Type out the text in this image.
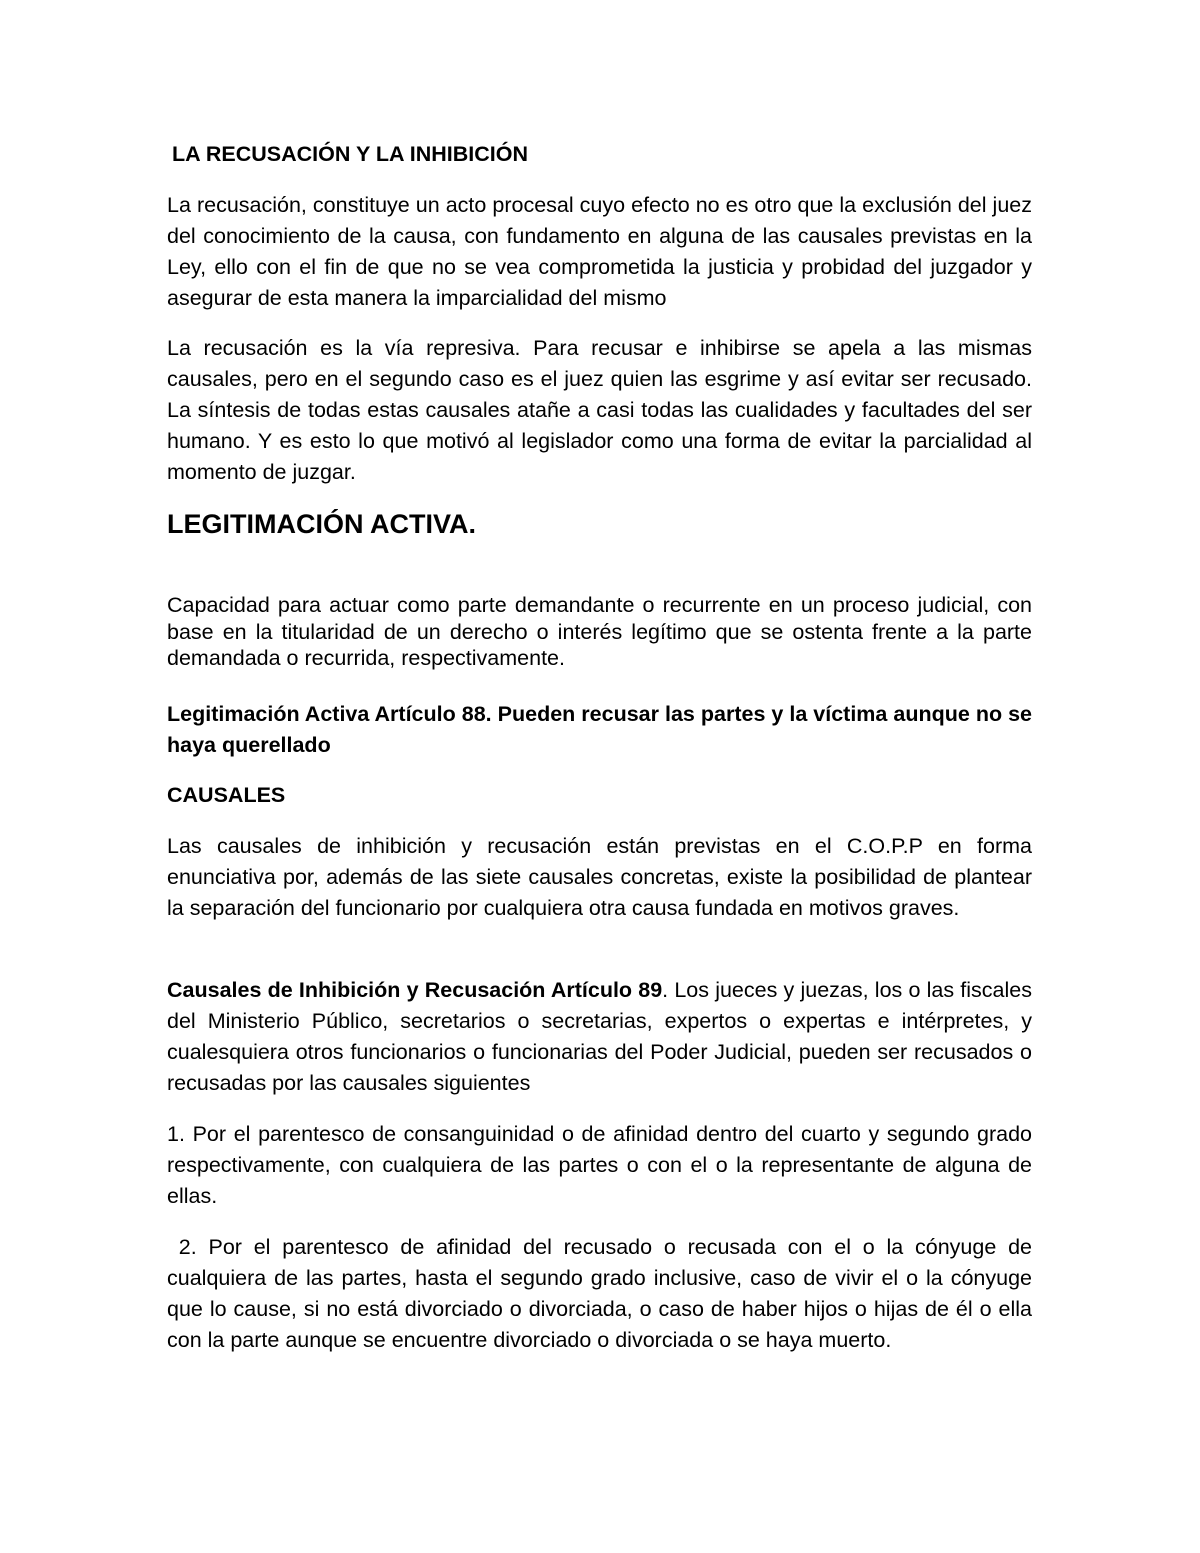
LA RECUSACIÓN Y LA INHIBICIÓN

La recusación, constituye un acto procesal cuyo efecto no es otro que la exclusión del juez del conocimiento de la causa, con fundamento en alguna de las causales previstas en la Ley, ello con el fin de que no se vea comprometida la justicia y probidad del juzgador y asegurar de esta manera la imparcialidad del mismo

La recusación es la vía represiva. Para recusar e inhibirse se apela a las mismas causales, pero en el segundo caso es el juez quien las esgrime y así evitar ser recusado. La síntesis de todas estas causales atañe a casi todas las cualidades y facultades del ser humano. Y es esto lo que motivó al legislador como una forma de evitar la parcialidad al momento de juzgar.

LEGITIMACIÓN ACTIVA.

Capacidad para actuar como parte demandante o recurrente en un proceso judicial, con base en la titularidad de un derecho o interés legítimo que se ostenta frente a la parte demandada o recurrida, respectivamente.

Legitimación Activa Artículo 88. Pueden recusar las partes y la víctima aunque no se haya querellado

CAUSALES

Las causales de inhibición y recusación están previstas en el C.O.P.P en forma enunciativa por, además de las siete causales concretas, existe la posibilidad de plantear la separación del funcionario por cualquiera otra causa fundada en motivos graves.

Causales de Inhibición y Recusación Artículo 89. Los jueces y juezas, los o las fiscales del Ministerio Público, secretarios o secretarias, expertos o expertas e intérpretes, y cualesquiera otros funcionarios o funcionarias del Poder Judicial, pueden ser recusados o recusadas por las causales siguientes

1. Por el parentesco de consanguinidad o de afinidad dentro del cuarto y segundo grado respectivamente, con cualquiera de las partes o con el o la representante de alguna de ellas.

2. Por el parentesco de afinidad del recusado o recusada con el o la cónyuge de cualquiera de las partes, hasta el segundo grado inclusive, caso de vivir el o la cónyuge que lo cause, si no está divorciado o divorciada, o caso de haber hijos o hijas de él o ella con la parte aunque se encuentre divorciado o divorciada o se haya muerto.
